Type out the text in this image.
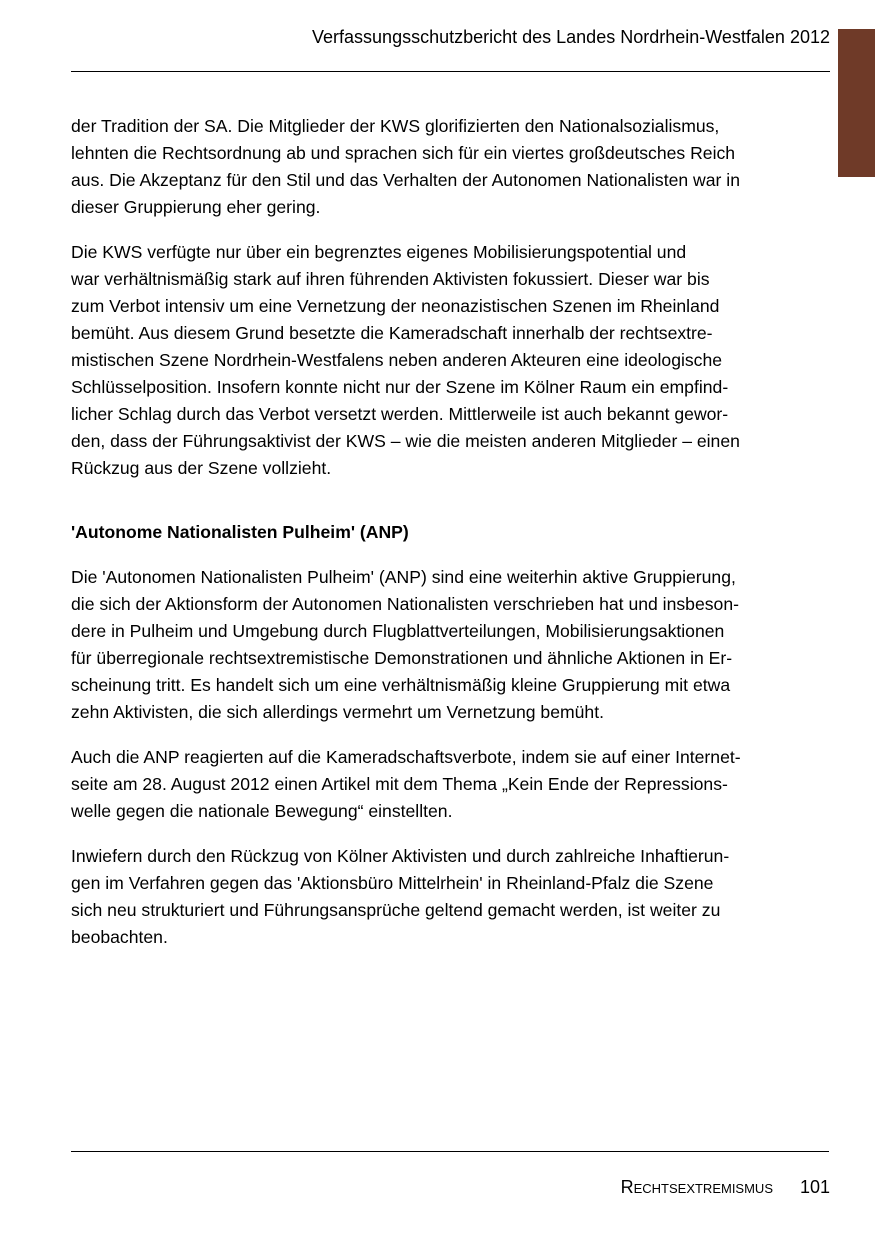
Verfassungsschutzbericht des Landes Nordrhein-Westfalen 2012

der Tradition der SA. Die Mitglieder der KWS glorifizierten den Nationalsozialismus,
lehnten die Rechtsordnung ab und sprachen sich für ein viertes großdeutsches Reich
aus. Die Akzeptanz für den Stil und das Verhalten der Autonomen Nationalisten war in
dieser Gruppierung eher gering.

Die KWS verfügte nur über ein begrenztes eigenes Mobilisierungspotential und
war verhältnismäßig stark auf ihren führenden Aktivisten fokussiert. Dieser war bis
zum Verbot intensiv um eine Vernetzung der neonazistischen Szenen im Rheinland
bemüht. Aus diesem Grund besetzte die Kameradschaft innerhalb der rechtsextre-
mistischen Szene Nordrhein-Westfalens neben anderen Akteuren eine ideologische
Schlüsselposition. Insofern konnte nicht nur der Szene im Kölner Raum ein empfind-
licher Schlag durch das Verbot versetzt werden. Mittlerweile ist auch bekannt gewor-
den, dass der Führungsaktivist der KWS – wie die meisten anderen Mitglieder – einen
Rückzug aus der Szene vollzieht.

'Autonome Nationalisten Pulheim' (ANP)

Die 'Autonomen Nationalisten Pulheim' (ANP) sind eine weiterhin aktive Gruppierung,
die sich der Aktionsform der Autonomen Nationalisten verschrieben hat und insbeson-
dere in Pulheim und Umgebung durch Flugblattverteilungen, Mobilisierungsaktionen
für überregionale rechtsextremistische Demonstrationen und ähnliche Aktionen in Er-
scheinung tritt. Es handelt sich um eine verhältnismäßig kleine Gruppierung mit etwa
zehn Aktivisten, die sich allerdings vermehrt um Vernetzung bemüht.

Auch die ANP reagierten auf die Kameradschaftsverbote, indem sie auf einer Internet-
seite am 28. August 2012 einen Artikel mit dem Thema „Kein Ende der Repressions-
welle gegen die nationale Bewegung“ einstellten.

Inwiefern durch den Rückzug von Kölner Aktivisten und durch zahlreiche Inhaftierun-
gen im Verfahren gegen das 'Aktionsbüro Mittelrhein' in Rheinland-Pfalz die Szene
sich neu strukturiert und Führungsansprüche geltend gemacht werden, ist weiter zu
beobachten.

Rechtsextremismus 101
